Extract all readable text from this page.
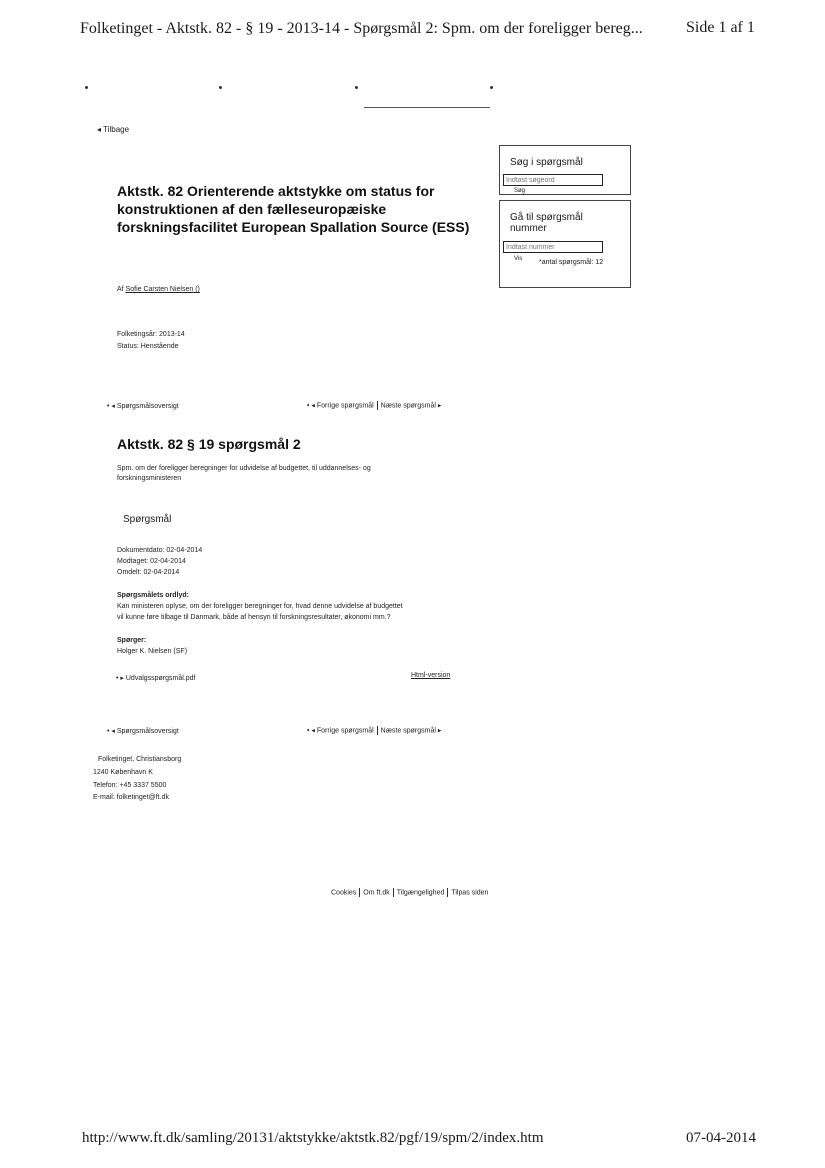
Folketinget - Aktstk. 82 - § 19 - 2013-14 - Spørgsmål 2: Spm. om der foreligger bereg...	Side 1 af 1
◂ Tilbage
Aktstk. 82 Orienterende aktstykke om status for konstruktionen af den fælleseuropæiske forskningsfacilitet European Spallation Source (ESS)
Af Sofie Carsten Nielsen ()
Folketingsår: 2013-14
Status: Henstående
Søg i spørgsmål
Indtast søgeord
Søg
Gå til spørgsmål nummer
Indtast nummer
Vis *antal spørgsmål: 12
• ◂ Spørgsmålsoversigt	• ◂ Forrige spørgsmål Næste spørgsmål ▸
Aktstk. 82 § 19 spørgsmål 2
Spm. om der foreligger beregninger for udvidelse af budgettet, til uddannelses- og
forskningsministeren
Spørgsmål
Dokumentdato: 02-04-2014
Modtaget: 02-04-2014
Omdelt: 02-04-2014
Spørgsmålets ordlyd:
Kan ministeren oplyse, om der foreligger beregninger for, hvad denne udvidelse af budgettet
vil kunne føre tilbage til Danmark, både af hensyn til forskningsresultater, økonomi mm.?
Spørger:
Holger K. Nielsen (SF)
• ▸ Udvalgsspørgsmål.pdf	Html-version
• ◂ Spørgsmålsoversigt	• ◂ Forrige spørgsmål Næste spørgsmål ▸
Folketinget, Christiansborg
1240 København K
Telefon: +45 3337 5500
E-mail: folketinget@ft.dk
Cookies Om ft.dk Tilgængelighed Tilpas siden
http://www.ft.dk/samling/20131/aktstykke/aktstk.82/pgf/19/spm/2/index.htm	07-04-2014
